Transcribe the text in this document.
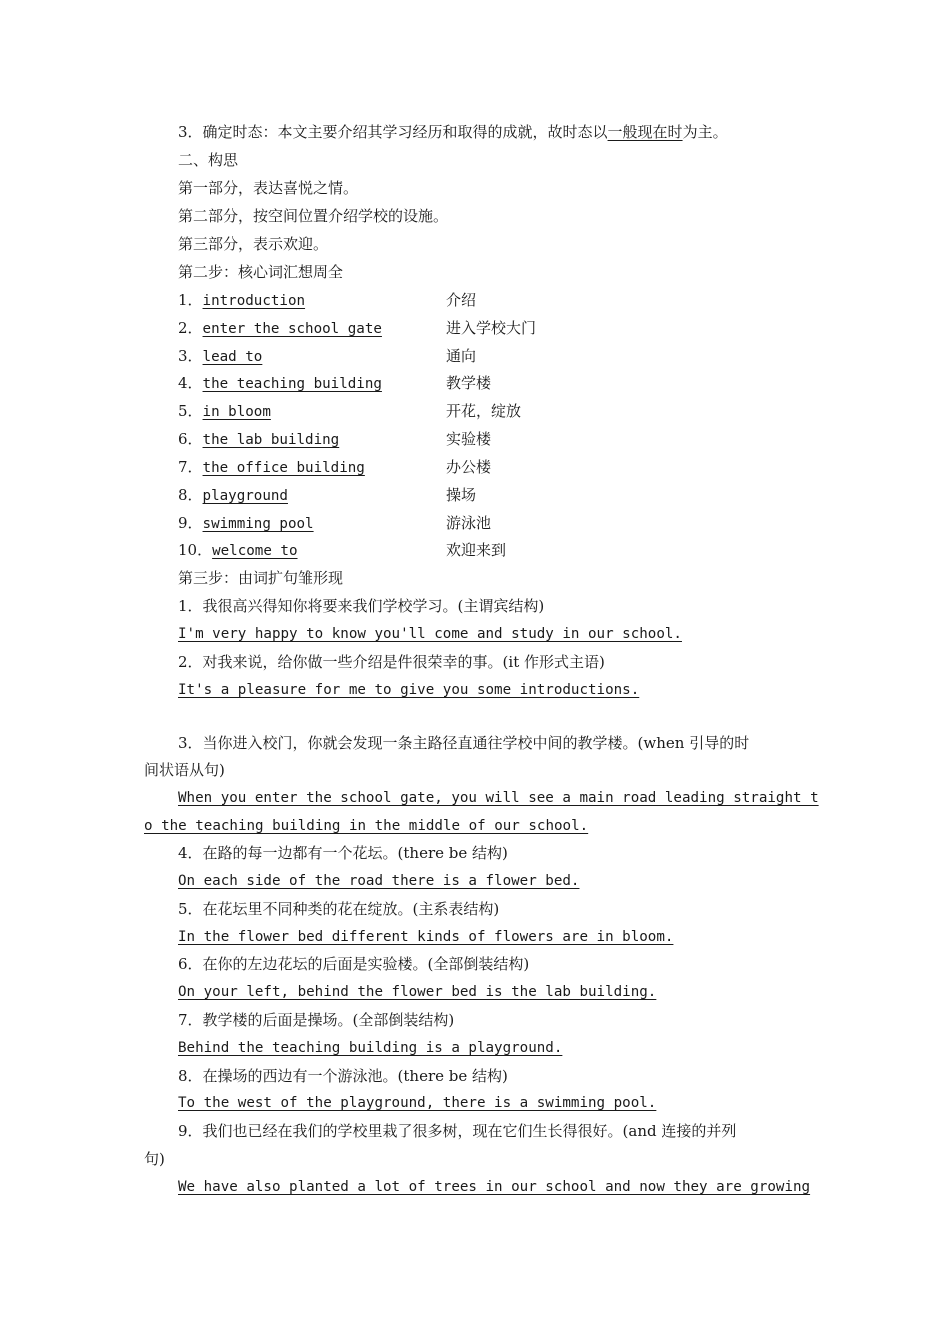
3．确定时态：本文主要介绍其学习经历和取得的成就，故时态以一般现在时为主。
二、构思
第一部分，表达喜悦之情。
第二部分，按空间位置介绍学校的设施。
第三部分，表示欢迎。
第二步：核心词汇想周全
1．introduction	介绍
2．enter the school gate	进入学校大门
3．lead to	通向
4．the teaching building	教学楼
5．in bloom	开花，绽放
6．the lab building	实验楼
7．the office building	办公楼
8．playground	操场
9．swimming pool	游泳池
10．welcome to	欢迎来到
第三步：由词扩句雏形现
1．我很高兴得知你将要来我们学校学习。(主谓宾结构)
I'm very happy to know you'll come and study in our school.
2．对我来说，给你做一些介绍是件很荣幸的事。(it 作形式主语)
It's a pleasure for me to give you some introductions.
3．当你进入校门，你就会发现一条主路径直通往学校中间的教学楼。(when 引导的时
间状语从句)
When you enter the school gate, you will see a main road leading straight t
o the teaching building in the middle of our school.
4．在路的每一边都有一个花坛。(there be 结构)
On each side of the road there is a flower bed.
5．在花坛里不同种类的花在绽放。(主系表结构)
In the flower bed different kinds of flowers are in bloom.
6．在你的左边花坛的后面是实验楼。(全部倒装结构)
On your left, behind the flower bed is the lab building.
7．教学楼的后面是操场。(全部倒装结构)
Behind the teaching building is a playground.
8．在操场的西边有一个游泳池。(there be 结构)
To the west of the playground, there is a swimming pool.
9．我们也已经在我们的学校里栽了很多树，现在它们生长得很好。(and 连接的并列
句)
We have also planted a lot of trees in our school and now they are growing
